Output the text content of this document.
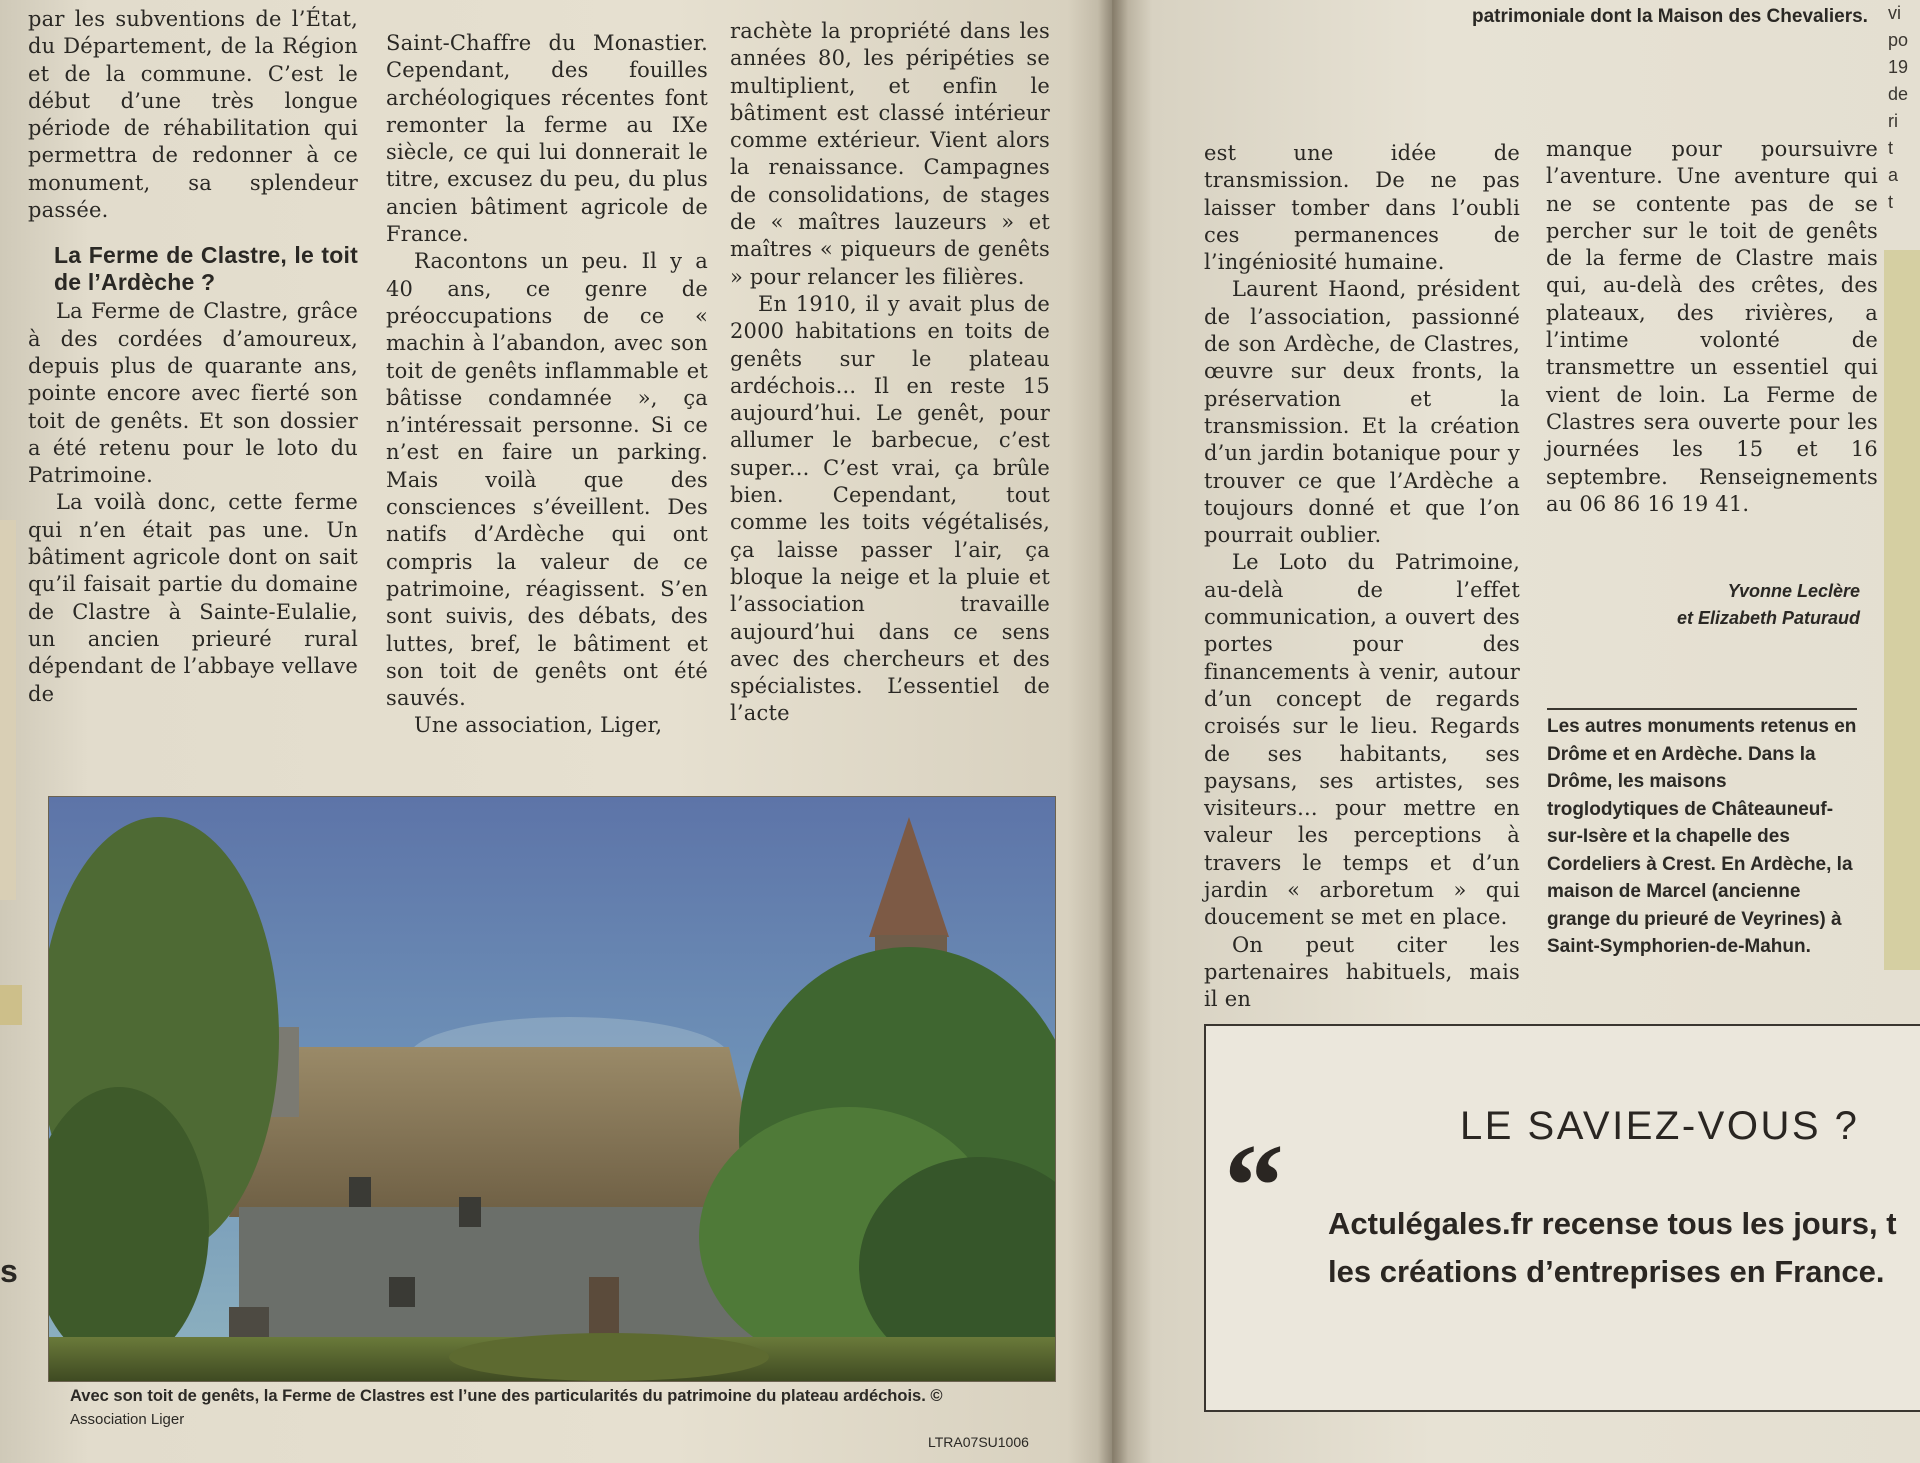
s
patrimoniale dont la Maison des Chevaliers.

par les subventions de l’État, du Département, de la Région et de la commune. C’est le début d’une très longue période de réhabilitation qui permettra de redonner à ce monument, sa splendeur passée.

La Ferme de Clastre, le toit de l’Ardèche ?

La Ferme de Clastre, grâce à des cordées d’amoureux, depuis plus de quarante ans, pointe encore avec fierté son toit de genêts. Et son dossier a été retenu pour le loto du Patrimoine.

La voilà donc, cette ferme qui n’en était pas une. Un bâtiment agricole dont on sait qu’il faisait partie du domaine de Clastre à Sainte-Eulalie, un ancien prieuré rural dépendant de l’abbaye vellave de

Saint-Chaffre du Monastier. Cependant, des fouilles archéologiques récentes font remonter la ferme au IXe siècle, ce qui lui donnerait le titre, excusez du peu, du plus ancien bâtiment agricole de France.

Racontons un peu. Il y a 40 ans, ce genre de préoccupations de ce « machin à l’abandon, avec son toit de genêts inflammable et bâtisse condamnée », ça n’intéressait personne. Si ce n’est en faire un parking. Mais voilà que des consciences s’éveillent. Des natifs d’Ardèche qui ont compris la valeur de ce patrimoine, réagissent. S’en sont suivis, des débats, des luttes, bref, le bâtiment et son toit de genêts ont été sauvés.

Une association, Liger,

rachète la propriété dans les années 80, les péripéties se multiplient, et enfin le bâtiment est classé intérieur comme extérieur. Vient alors la renaissance. Campagnes de consolidations, de stages de « maîtres lauzeurs » et maîtres « piqueurs de genêts » pour relancer les filières.

En 1910, il y avait plus de 2000 habitations en toits de genêts sur le plateau ardéchois... Il en reste 15 aujourd’hui. Le genêt, pour allumer le barbecue, c’est super... C’est vrai, ça brûle bien. Cependant, tout comme les toits végétalisés, ça laisse passer l’air, ça bloque la neige et la pluie et l’association travaille aujourd’hui dans ce sens avec des chercheurs et des spécialistes. L’essentiel de l’acte

est une idée de transmission. De ne pas laisser tomber dans l’oubli ces permanences de l’ingéniosité humaine.

Laurent Haond, président de l’association, passionné de son Ardèche, de Clastres, œuvre sur deux fronts, la préservation et la transmission. Et la création d’un jardin botanique pour y trouver ce que l’Ardèche a toujours donné et que l’on pourrait oublier.

Le Loto du Patrimoine, au-delà de l’effet communication, a ouvert des portes pour des financements à venir, autour d’un concept de regards croisés sur le lieu. Regards de ses habitants, ses paysans, ses artistes, ses visiteurs... pour mettre en valeur les perceptions à travers le temps et d’un jardin « arboretum » qui doucement se met en place.

On peut citer les partenaires habituels, mais il en

manque pour poursuivre l’aventure. Une aventure qui ne se contente pas de se percher sur le toit de genêts de la ferme de Clastre mais qui, au-delà des crêtes, des plateaux, des rivières, a l’intime volonté de transmettre un essentiel qui vient de loin. La Ferme de Clastres sera ouverte pour les journées les 15 et 16 septembre. Renseignements au 06 86 16 19 41.

Yvonne Leclère
et Elizabeth Paturaud
Les autres monuments retenus en Drôme et en Ardèche. Dans la Drôme, les maisons troglodytiques de Châteauneuf-sur-Isère et la chapelle des Cordeliers à Crest. En Ardèche, la maison de Marcel (ancienne grange du prieuré de Veyrines) à Saint-Symphorien-de-Mahun.
Avec son toit de genêts, la Ferme de Clastres est l’une des particularités du patrimoine du plateau ardéchois. ©
Association Liger
LTRA07SU1006
LE SAVIEZ-VOUS ?
“ Actulégales.fr recense tous les jours, t
les créations d’entreprises en France.
vi
po
19
de
ri
t
a
t
